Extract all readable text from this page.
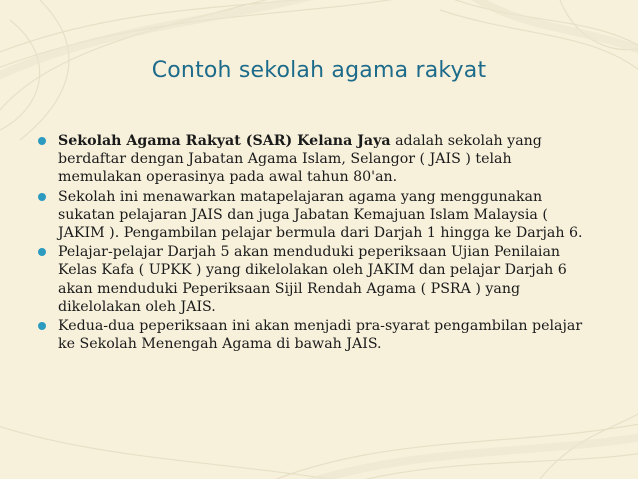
Contoh sekolah agama rakyat
Sekolah Agama Rakyat (SAR) Kelana Jaya adalah sekolah yang berdaftar dengan Jabatan Agama Islam, Selangor ( JAIS ) telah memulakan operasinya pada awal tahun 80'an.
Sekolah ini menawarkan matapelajaran agama yang menggunakan sukatan pelajaran JAIS dan juga Jabatan Kemajuan Islam Malaysia ( JAKIM ). Pengambilan pelajar bermula dari Darjah 1 hingga ke Darjah 6.
Pelajar-pelajar Darjah 5 akan menduduki peperiksaan Ujian Penilaian Kelas Kafa ( UPKK ) yang dikelolakan oleh JAKIM dan pelajar Darjah 6 akan menduduki Peperiksaan Sijil Rendah Agama ( PSRA ) yang dikelolakan oleh JAIS.
Kedua-dua peperiksaan ini akan menjadi pra-syarat pengambilan pelajar ke Sekolah Menengah Agama di bawah JAIS.
